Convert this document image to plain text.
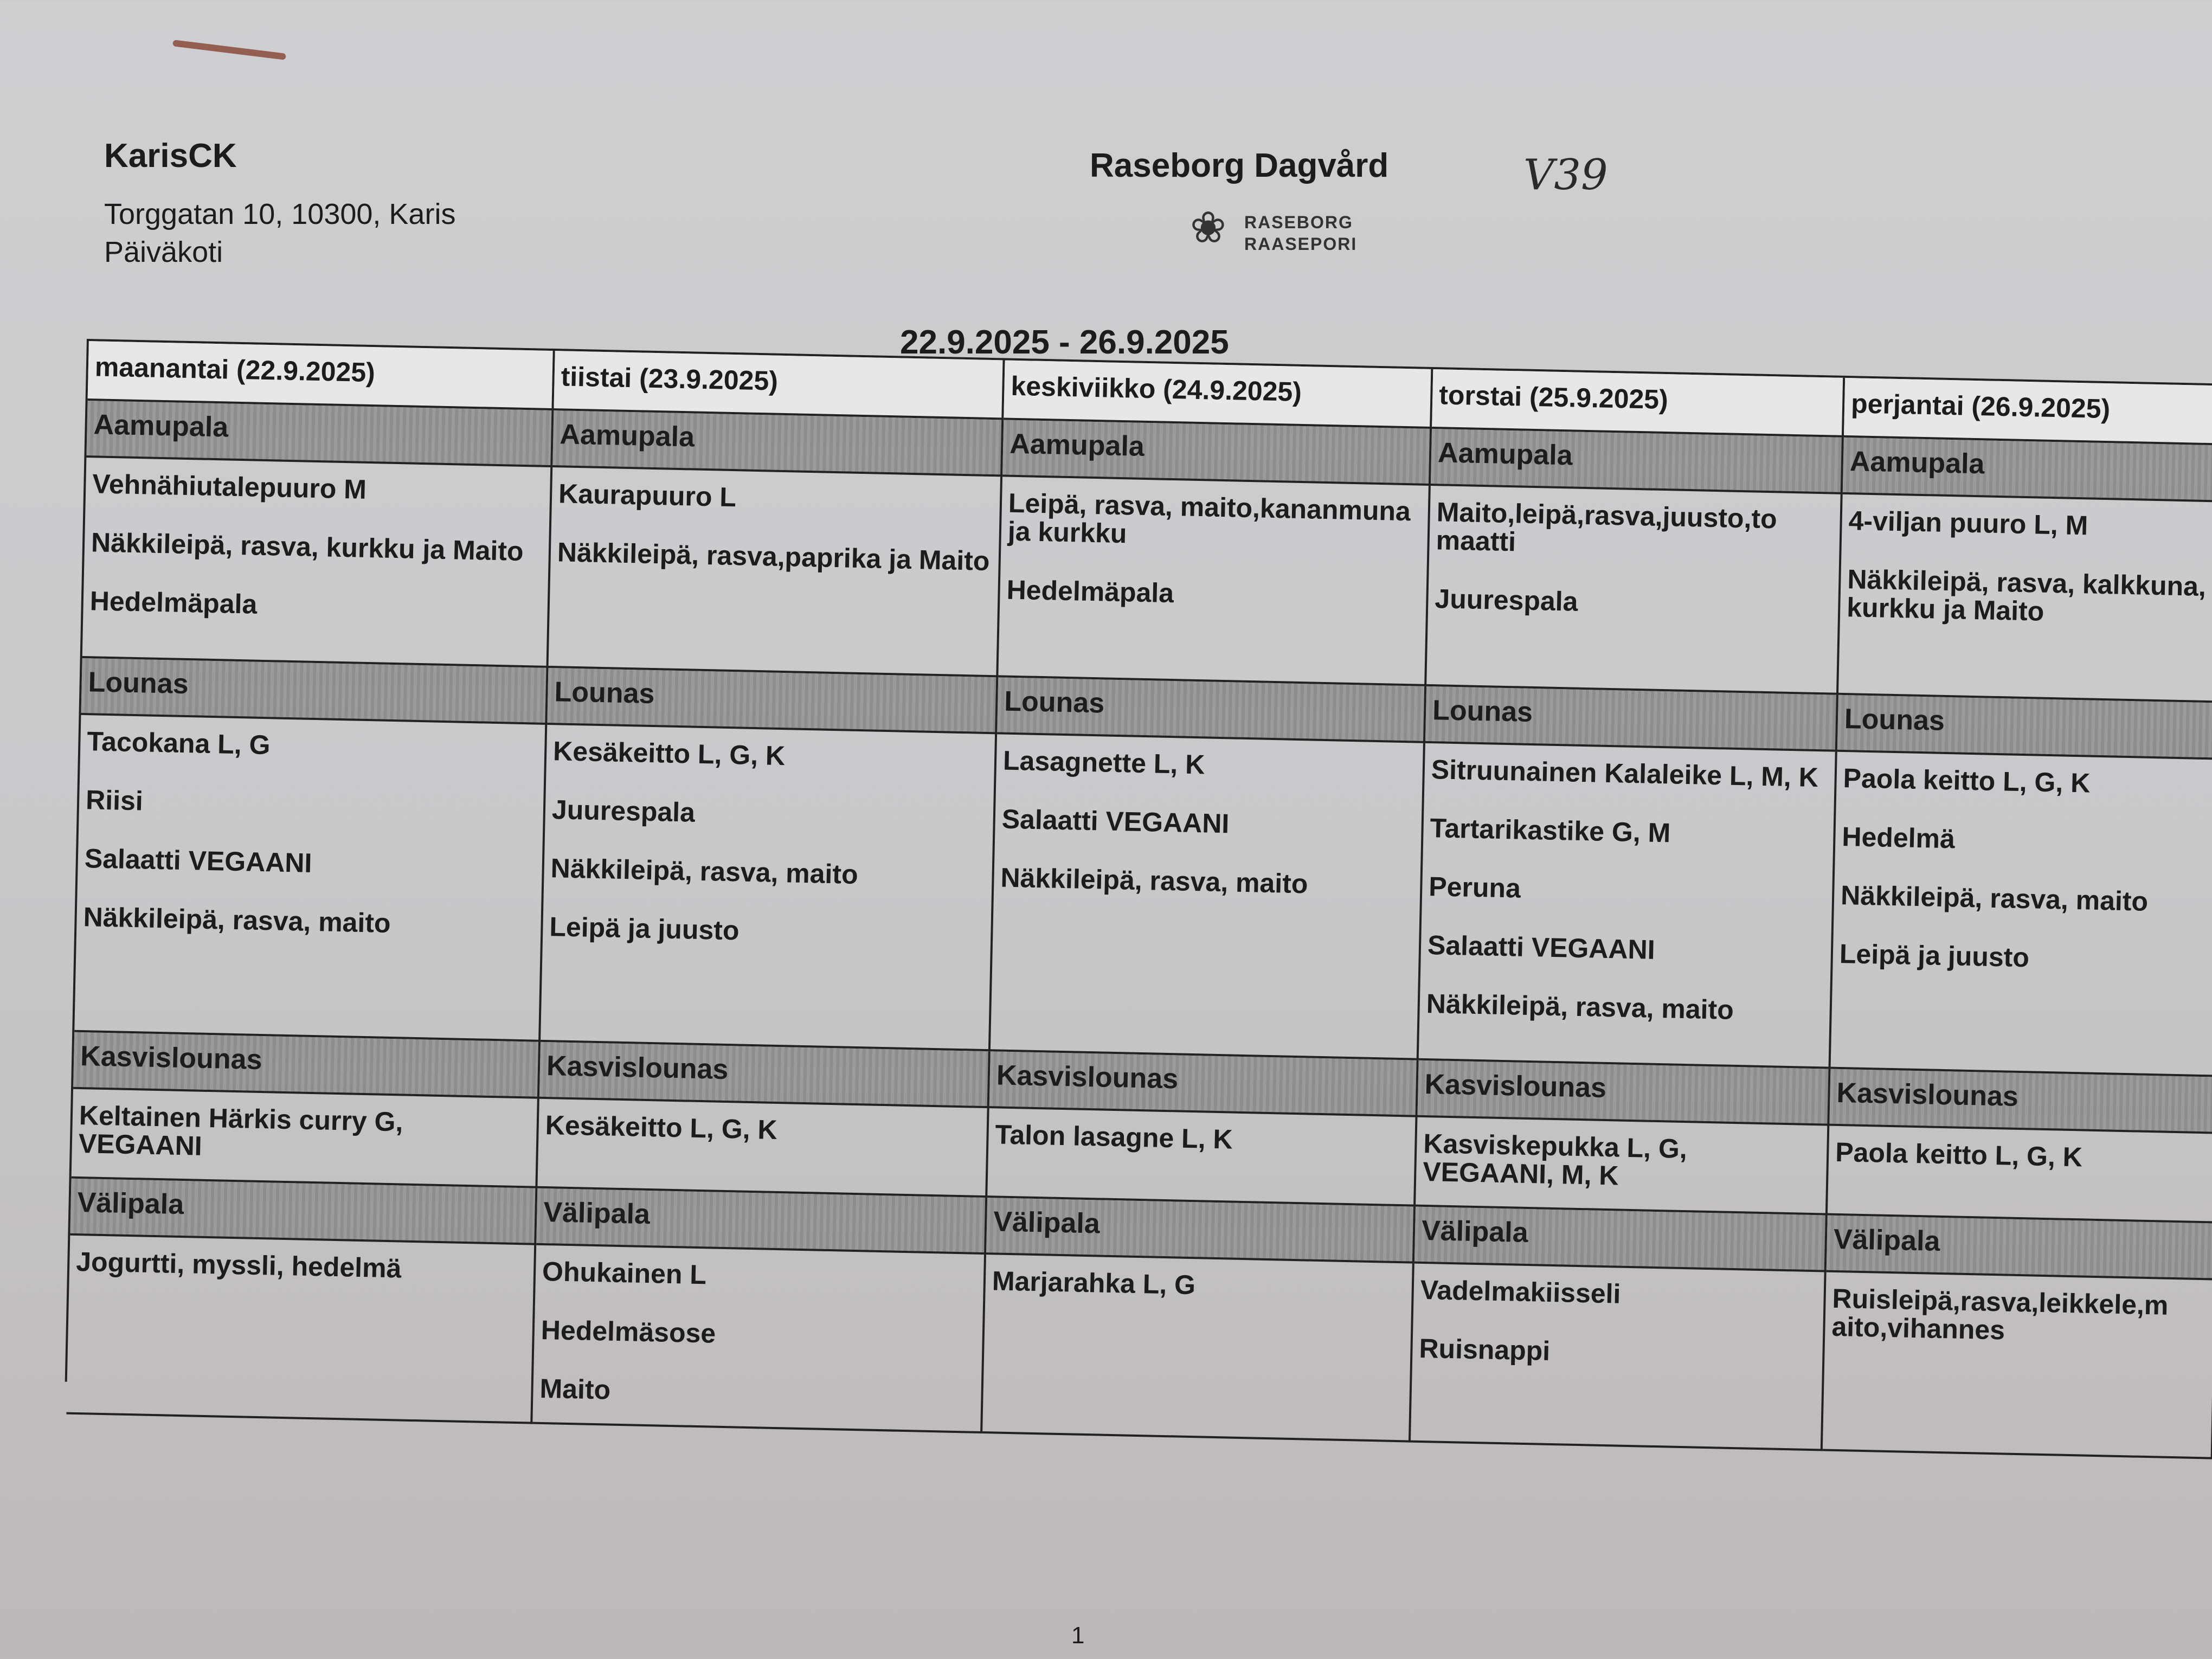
KarisCK
Torggatan 10, 10300, Karis
Päiväkoti
Raseborg Dagvård
❀	RASEBORG
RAASEPORI
V39
22.9.2025 - 26.9.2025
maanantai (22.9.2025)
Aamupala
Vehnähiutalepuuro M
Näkkileipä, rasva, kurkku ja Maito
Hedelmäpala
Lounas
Tacokana L, G
Riisi
Salaatti VEGAANI
Näkkileipä, rasva, maito
Kasvislounas
Keltainen Härkis curry G, VEGAANI
Välipala
Jogurtti, myssli, hedelmä
tiistai (23.9.2025)
Aamupala
Kaurapuuro L
Näkkileipä, rasva,paprika ja Maito
Lounas
Kesäkeitto L, G, K
Juurespala
Näkkileipä, rasva, maito
Leipä ja juusto
Kasvislounas
Kesäkeitto L, G, K
Välipala
Ohukainen L
Hedelmäsose
Maito
keskiviikko (24.9.2025)
Aamupala
Leipä, rasva, maito,kananmuna ja kurkku
Hedelmäpala
Lounas
Lasagnette L, K
Salaatti VEGAANI
Näkkileipä, rasva, maito
Kasvislounas
Talon lasagne L, K
Välipala
Marjarahka L, G
torstai (25.9.2025)
Aamupala
Maito,leipä,rasva,juusto,to maatti
Juurespala
Lounas
Sitruunainen Kalaleike L, M, K
Tartarikastike G, M
Peruna
Salaatti VEGAANI
Näkkileipä, rasva, maito
Kasvislounas
Kasviskepukka L, G, VEGAANI, M, K
Välipala
Vadelmakiisseli
Ruisnappi
perjantai (26.9.2025)
Aamupala
4-viljan puuro L, M
Näkkileipä, rasva, kalkkuna, kurkku ja Maito
Lounas
Paola keitto L, G, K
Hedelmä
Näkkileipä, rasva, maito
Leipä ja juusto
Kasvislounas
Paola keitto L, G, K
Välipala
Ruisleipä,rasva,leikkele,m aito,vihannes
1
